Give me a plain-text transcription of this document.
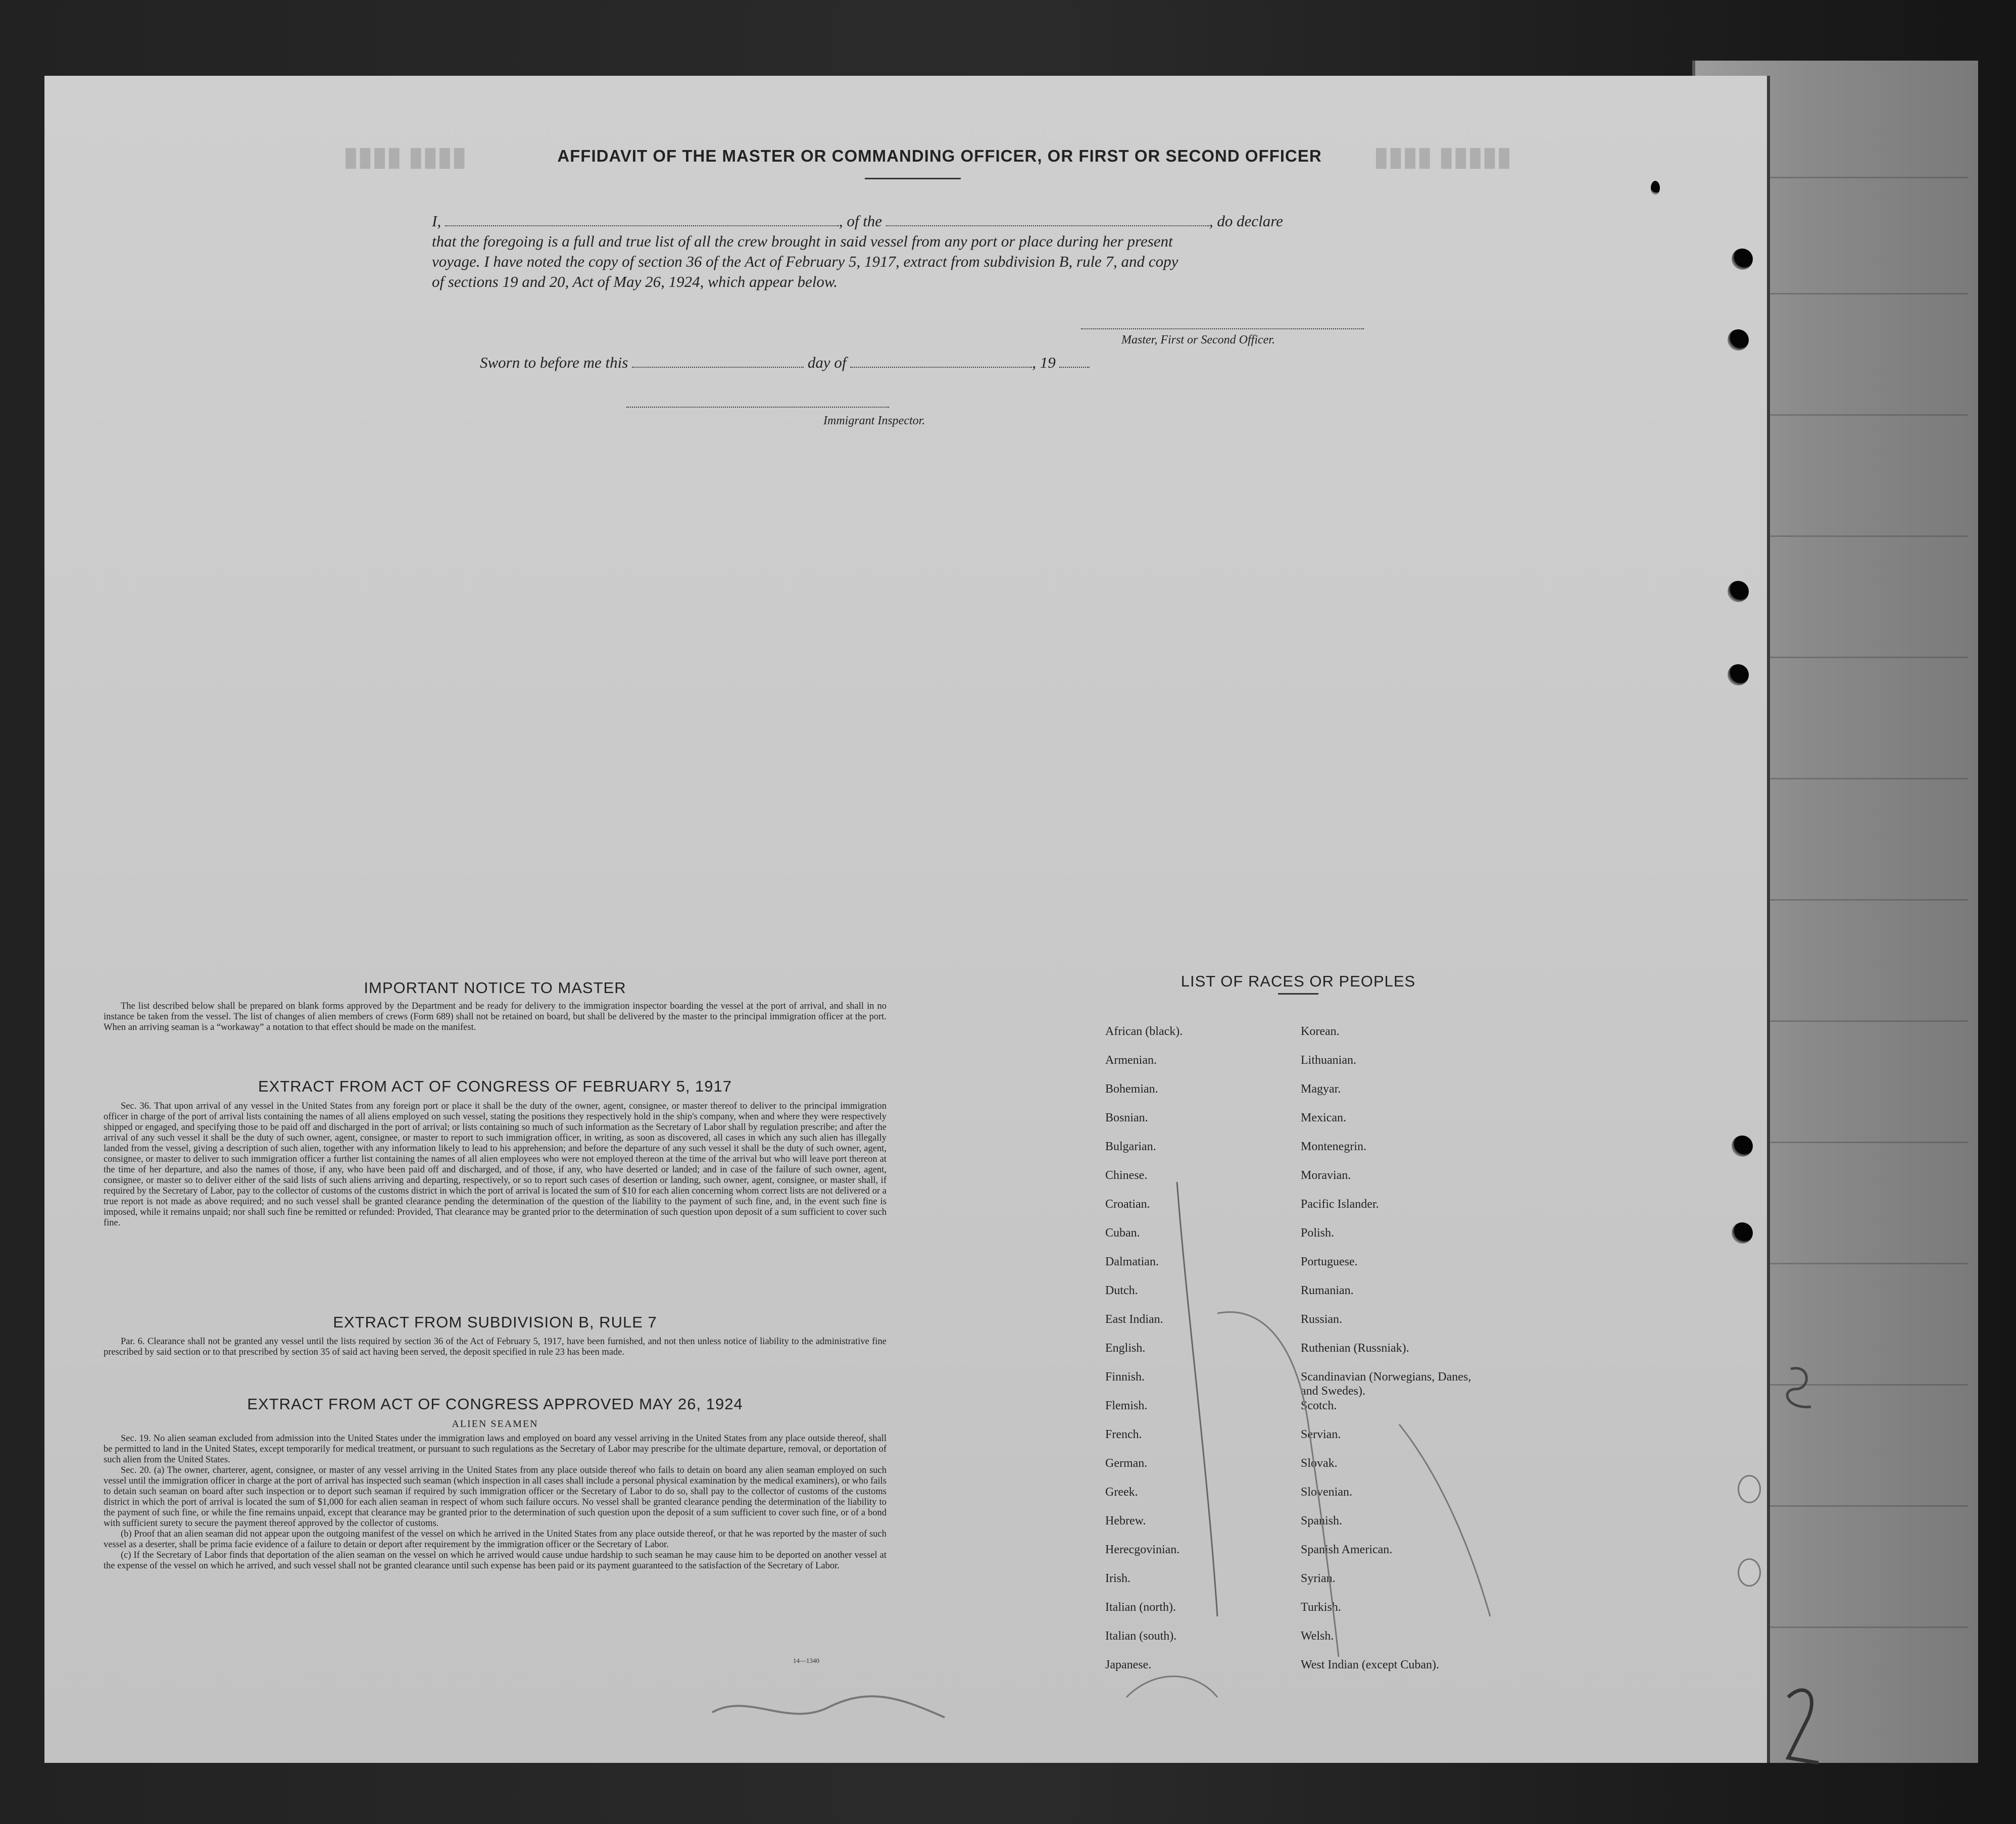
▮▮▮▮ ▮▮▮▮	▮▮▮▮▮ ▮▮▮▮
AFFIDAVIT OF THE MASTER OR COMMANDING OFFICER, OR FIRST OR SECOND OFFICER
I,	, of the	, do declare
that the foregoing is a full and true list of all the crew brought in said vessel from any port or place during her present
voyage. I have noted the copy of section 36 of the Act of February 5, 1917, extract from subdivision B, rule 7, and copy
of sections 19 and 20, Act of May 26, 1924, which appear below.
Master, First or Second Officer.
Sworn to before me this	day of	, 19
Immigrant Inspector.
IMPORTANT NOTICE TO MASTER

The list described below shall be prepared on blank forms approved by the Department and be ready for delivery to the immigration inspector boarding the vessel at the port of arrival, and shall in no instance be taken from the vessel. The list of changes of alien members of crews (Form 689) shall not be retained on board, but shall be delivered by the master to the principal immigration officer at the port. When an arriving seaman is a “workaway” a notation to that effect should be made on the manifest.

EXTRACT FROM ACT OF CONGRESS OF FEBRUARY 5, 1917

Sec. 36. That upon arrival of any vessel in the United States from any foreign port or place it shall be the duty of the owner, agent, consignee, or master thereof to deliver to the principal immigration officer in charge of the port of arrival lists containing the names of all aliens employed on such vessel, stating the positions they respectively hold in the ship's company, when and where they were respectively shipped or engaged, and specifying those to be paid off and discharged in the port of arrival; or lists containing so much of such information as the Secretary of Labor shall by regulation prescribe; and after the arrival of any such vessel it shall be the duty of such owner, agent, consignee, or master to report to such immigration officer, in writing, as soon as discovered, all cases in which any such alien has illegally landed from the vessel, giving a description of such alien, together with any information likely to lead to his apprehension; and before the departure of any such vessel it shall be the duty of such owner, agent, consignee, or master to deliver to such immigration officer a further list containing the names of all alien employees who were not employed thereon at the time of the arrival but who will leave port thereon at the time of her departure, and also the names of those, if any, who have been paid off and discharged, and of those, if any, who have deserted or landed; and in case of the failure of such owner, agent, consignee, or master so to deliver either of the said lists of such aliens arriving and departing, respectively, or so to report such cases of desertion or landing, such owner, agent, consignee, or master shall, if required by the Secretary of Labor, pay to the collector of customs of the customs district in which the port of arrival is located the sum of $10 for each alien concerning whom correct lists are not delivered or a true report is not made as above required; and no such vessel shall be granted clearance pending the determination of the question of the liability to the payment of such fine, and, in the event such fine is imposed, while it remains unpaid; nor shall such fine be remitted or refunded: Provided, That clearance may be granted prior to the determination of such question upon deposit of a sum sufficient to cover such fine.

EXTRACT FROM SUBDIVISION B, RULE 7

Par. 6. Clearance shall not be granted any vessel until the lists required by section 36 of the Act of February 5, 1917, have been furnished, and not then unless notice of liability to the administrative fine prescribed by said section or to that prescribed by section 35 of said act having been served, the deposit specified in rule 23 has been made.

EXTRACT FROM ACT OF CONGRESS APPROVED MAY 26, 1924
ALIEN SEAMEN

Sec. 19. No alien seaman excluded from admission into the United States under the immigration laws and employed on board any vessel arriving in the United States from any place outside thereof, shall be permitted to land in the United States, except temporarily for medical treatment, or pursuant to such regulations as the Secretary of Labor may prescribe for the ultimate departure, removal, or deportation of such alien from the United States.

Sec. 20. (a) The owner, charterer, agent, consignee, or master of any vessel arriving in the United States from any place outside thereof who fails to detain on board any alien seaman employed on such vessel until the immigration officer in charge at the port of arrival has inspected such seaman (which inspection in all cases shall include a personal physical examination by the medical examiners), or who fails to detain such seaman on board after such inspection or to deport such seaman if required by such immigration officer or the Secretary of Labor to do so, shall pay to the collector of customs of the customs district in which the port of arrival is located the sum of $1,000 for each alien seaman in respect of whom such failure occurs. No vessel shall be granted clearance pending the determination of the liability to the payment of such fine, or while the fine remains unpaid, except that clearance may be granted prior to the determination of such question upon the deposit of a sum sufficient to cover such fine, or of a bond with sufficient surety to secure the payment thereof approved by the collector of customs.

(b) Proof that an alien seaman did not appear upon the outgoing manifest of the vessel on which he arrived in the United States from any place outside thereof, or that he was reported by the master of such vessel as a deserter, shall be prima facie evidence of a failure to detain or deport after requirement by the immigration officer or the Secretary of Labor.

(c) If the Secretary of Labor finds that deportation of the alien seaman on the vessel on which he arrived would cause undue hardship to such seaman he may cause him to be deported on another vessel at the expense of the vessel on which he arrived, and such vessel shall not be granted clearance until such expense has been paid or its payment guaranteed to the satisfaction of the Secretary of Labor.

14—1340
LIST OF RACES OR PEOPLES
African (black).
Armenian.
Bohemian.
Bosnian.
Bulgarian.
Chinese.
Croatian.
Cuban.
Dalmatian.
Dutch.
East Indian.
English.
Finnish.
Flemish.
French.
German.
Greek.
Hebrew.
Herecgovinian.
Irish.
Italian (north).
Italian (south).
Japanese.
Korean.
Lithuanian.
Magyar.
Mexican.
Montenegrin.
Moravian.
Pacific Islander.
Polish.
Portuguese.
Rumanian.
Russian.
Ruthenian (Russniak).
Scandinavian (Norwegians, Danes, and Swedes).
Scotch.
Servian.
Slovak.
Slovenian.
Spanish.
Spanish American.
Syrian.
Turkish.
Welsh.
West Indian (except Cuban).
